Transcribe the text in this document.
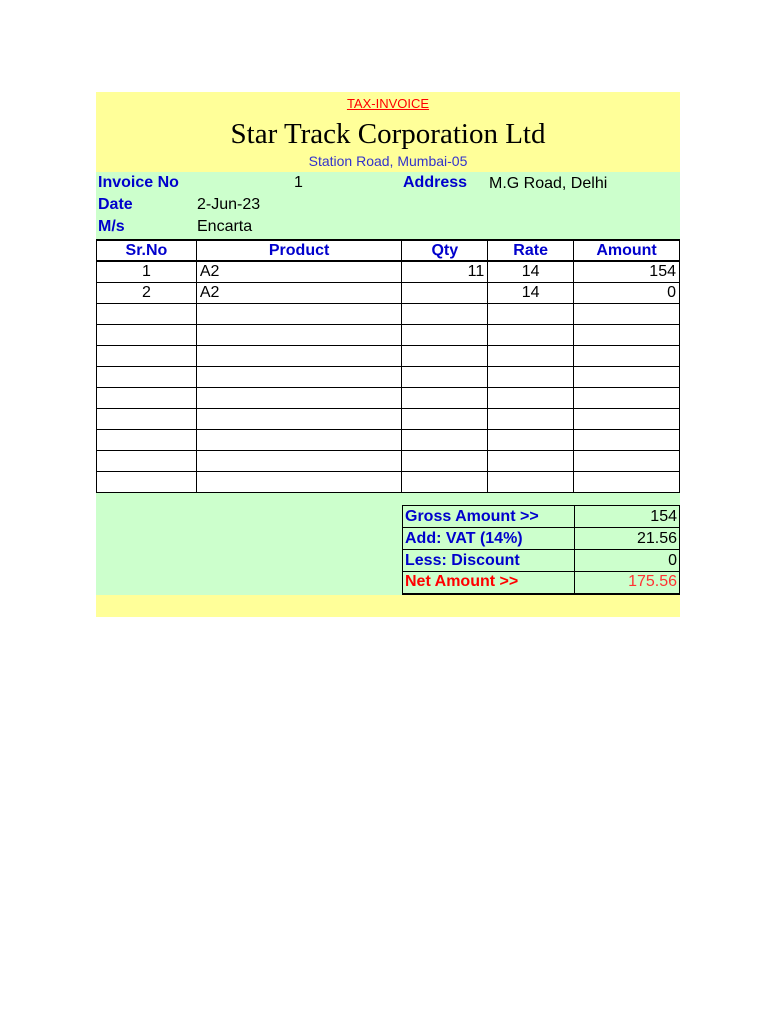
TAX-INVOICE
Star Track Corporation Ltd
Station Road, Mumbai-05
Invoice No	1	Address M.G Road, Delhi
Date	2-Jun-23
M/s	Encarta
Sr.No	Product	Qty	Rate	Amount
1	A2	11	14	154
2	A2		14	0

Gross Amount >>	154
Add: VAT (14%)	21.56
Less: Discount	0
Net Amount >>	175.56
